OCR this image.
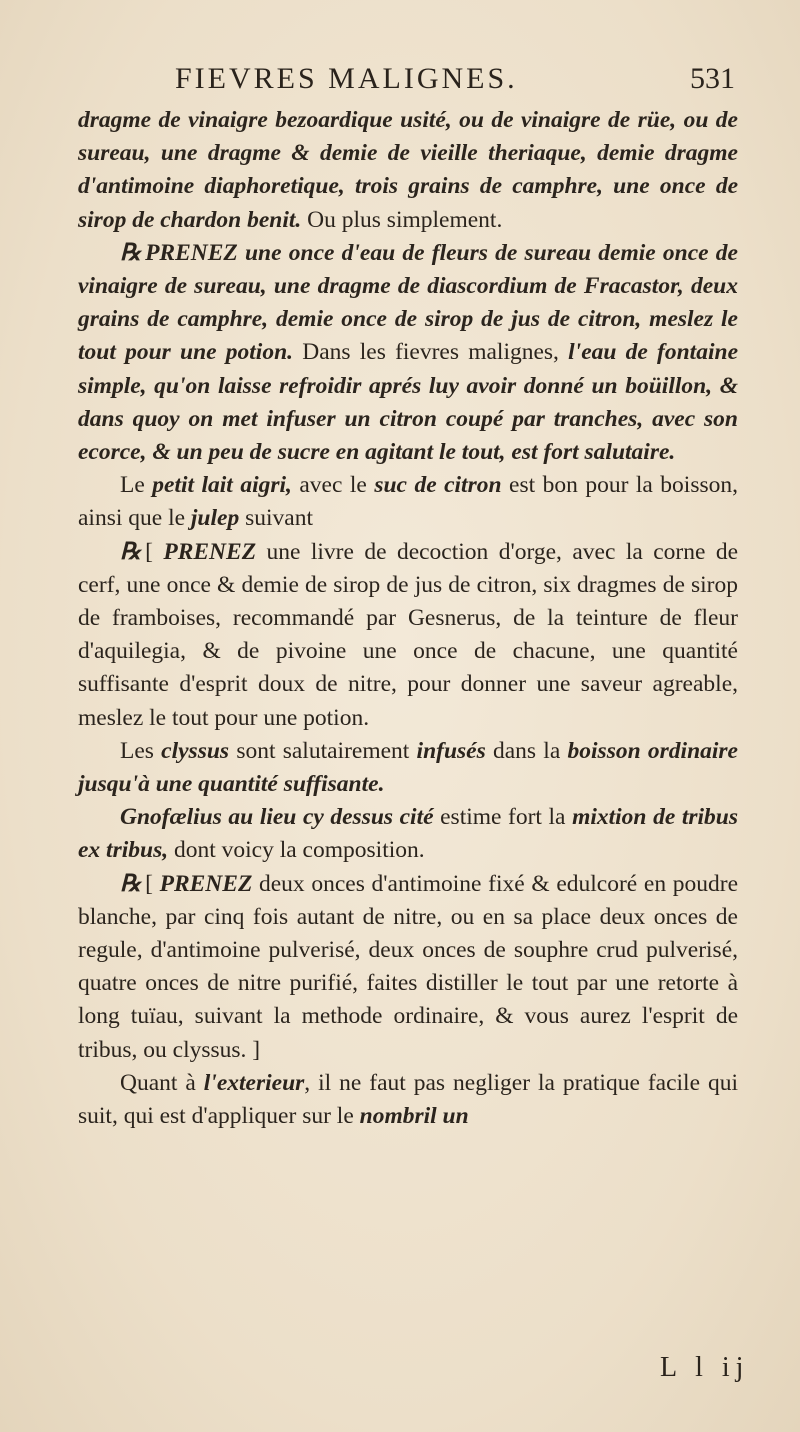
FIEVRES MALIGNES.	531

dragme de vinaigre bezoardique usité, ou de vinaigre de rüe, ou de sureau, une dragme & demie de vieille theriaque, demie dragme d'antimoine diaphoretique, trois grains de camphre, une once de sirop de chardon benit. Ou plus simplement.

℞ PRENEZ une once d'eau de fleurs de sureau demie once de vinaigre de sureau, une dragme de diascordium de Fracastor, deux grains de camphre, demie once de sirop de jus de citron, meslez le tout pour une potion. Dans les fievres malignes, l'eau de fontaine simple, qu'on laisse refroidir aprés luy avoir donné un boüillon, & dans quoy on met infuser un citron coupé par tranches, avec son ecorce, & un peu de sucre en agitant le tout, est fort salutaire.

Le petit lait aigri, avec le suc de citron est bon pour la boisson, ainsi que le julep suivant

℞ [ PRENEZ une livre de decoction d'orge, avec la corne de cerf, une once & demie de sirop de jus de citron, six dragmes de sirop de framboises, recommandé par Gesnerus, de la teinture de fleur d'aquilegia, & de pivoine une once de chacune, une quantité suffisante d'esprit doux de nitre, pour donner une saveur agreable, meslez le tout pour une potion.

Les clyssus sont salutairement infusés dans la boisson ordinaire jusqu'à une quantité suffisante.

Gnofælius au lieu cy dessus cité estime fort la mixtion de tribus ex tribus, dont voicy la composition.

℞ [ PRENEZ deux onces d'antimoine fixé & edulcoré en poudre blanche, par cinq fois autant de nitre, ou en sa place deux onces de regule, d'antimoine pulverisé, deux onces de souphre crud pulverisé, quatre onces de nitre purifié, faites distiller le tout par une retorte à long tuïau, suivant la methode ordinaire, & vous aurez l'esprit de tribus, ou clyssus. ]

Quant à l'exterieur, il ne faut pas negliger la pratique facile qui suit, qui est d'appliquer sur le nombril un

L l ij
